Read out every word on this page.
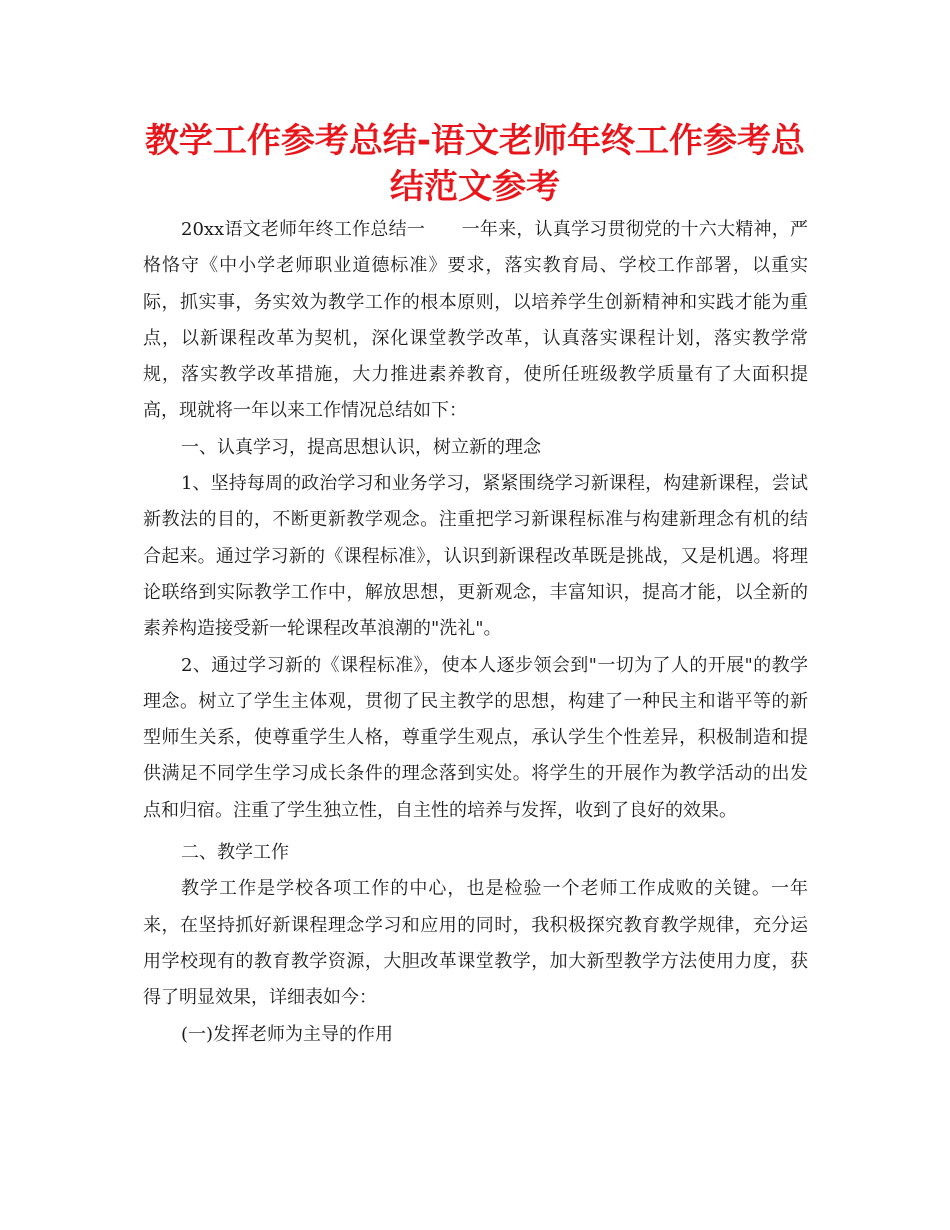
教学工作参考总结-语文老师年终工作参考总结范文参考

20xx语文老师年终工作总结一　　一年来，认真学习贯彻党的十六大精神，严格恪守《中小学老师职业道德标准》要求，落实教育局、学校工作部署，以重实际，抓实事，务实效为教学工作的根本原则，以培养学生创新精神和实践才能为重点，以新课程改革为契机，深化课堂教学改革，认真落实课程计划，落实教学常规，落实教学改革措施，大力推进素养教育，使所任班级教学质量有了大面积提高，现就将一年以来工作情况总结如下：

一、认真学习，提高思想认识，树立新的理念

1、坚持每周的政治学习和业务学习，紧紧围绕学习新课程，构建新课程，尝试新教法的目的，不断更新教学观念。注重把学习新课程标准与构建新理念有机的结合起来。通过学习新的《课程标准》，认识到新课程改革既是挑战，又是机遇。将理论联络到实际教学工作中，解放思想，更新观念，丰富知识，提高才能，以全新的素养构造接受新一轮课程改革浪潮的"洗礼"。

2、通过学习新的《课程标准》，使本人逐步领会到"一切为了人的开展"的教学理念。树立了学生主体观，贯彻了民主教学的思想，构建了一种民主和谐平等的新型师生关系，使尊重学生人格，尊重学生观点，承认学生个性差异，积极制造和提供满足不同学生学习成长条件的理念落到实处。将学生的开展作为教学活动的出发点和归宿。注重了学生独立性，自主性的培养与发挥，收到了良好的效果。

二、教学工作

教学工作是学校各项工作的中心，也是检验一个老师工作成败的关键。一年来，在坚持抓好新课程理念学习和应用的同时，我积极探究教育教学规律，充分运用学校现有的教育教学资源，大胆改革课堂教学，加大新型教学方法使用力度，获得了明显效果，详细表如今：

(一)发挥老师为主导的作用
